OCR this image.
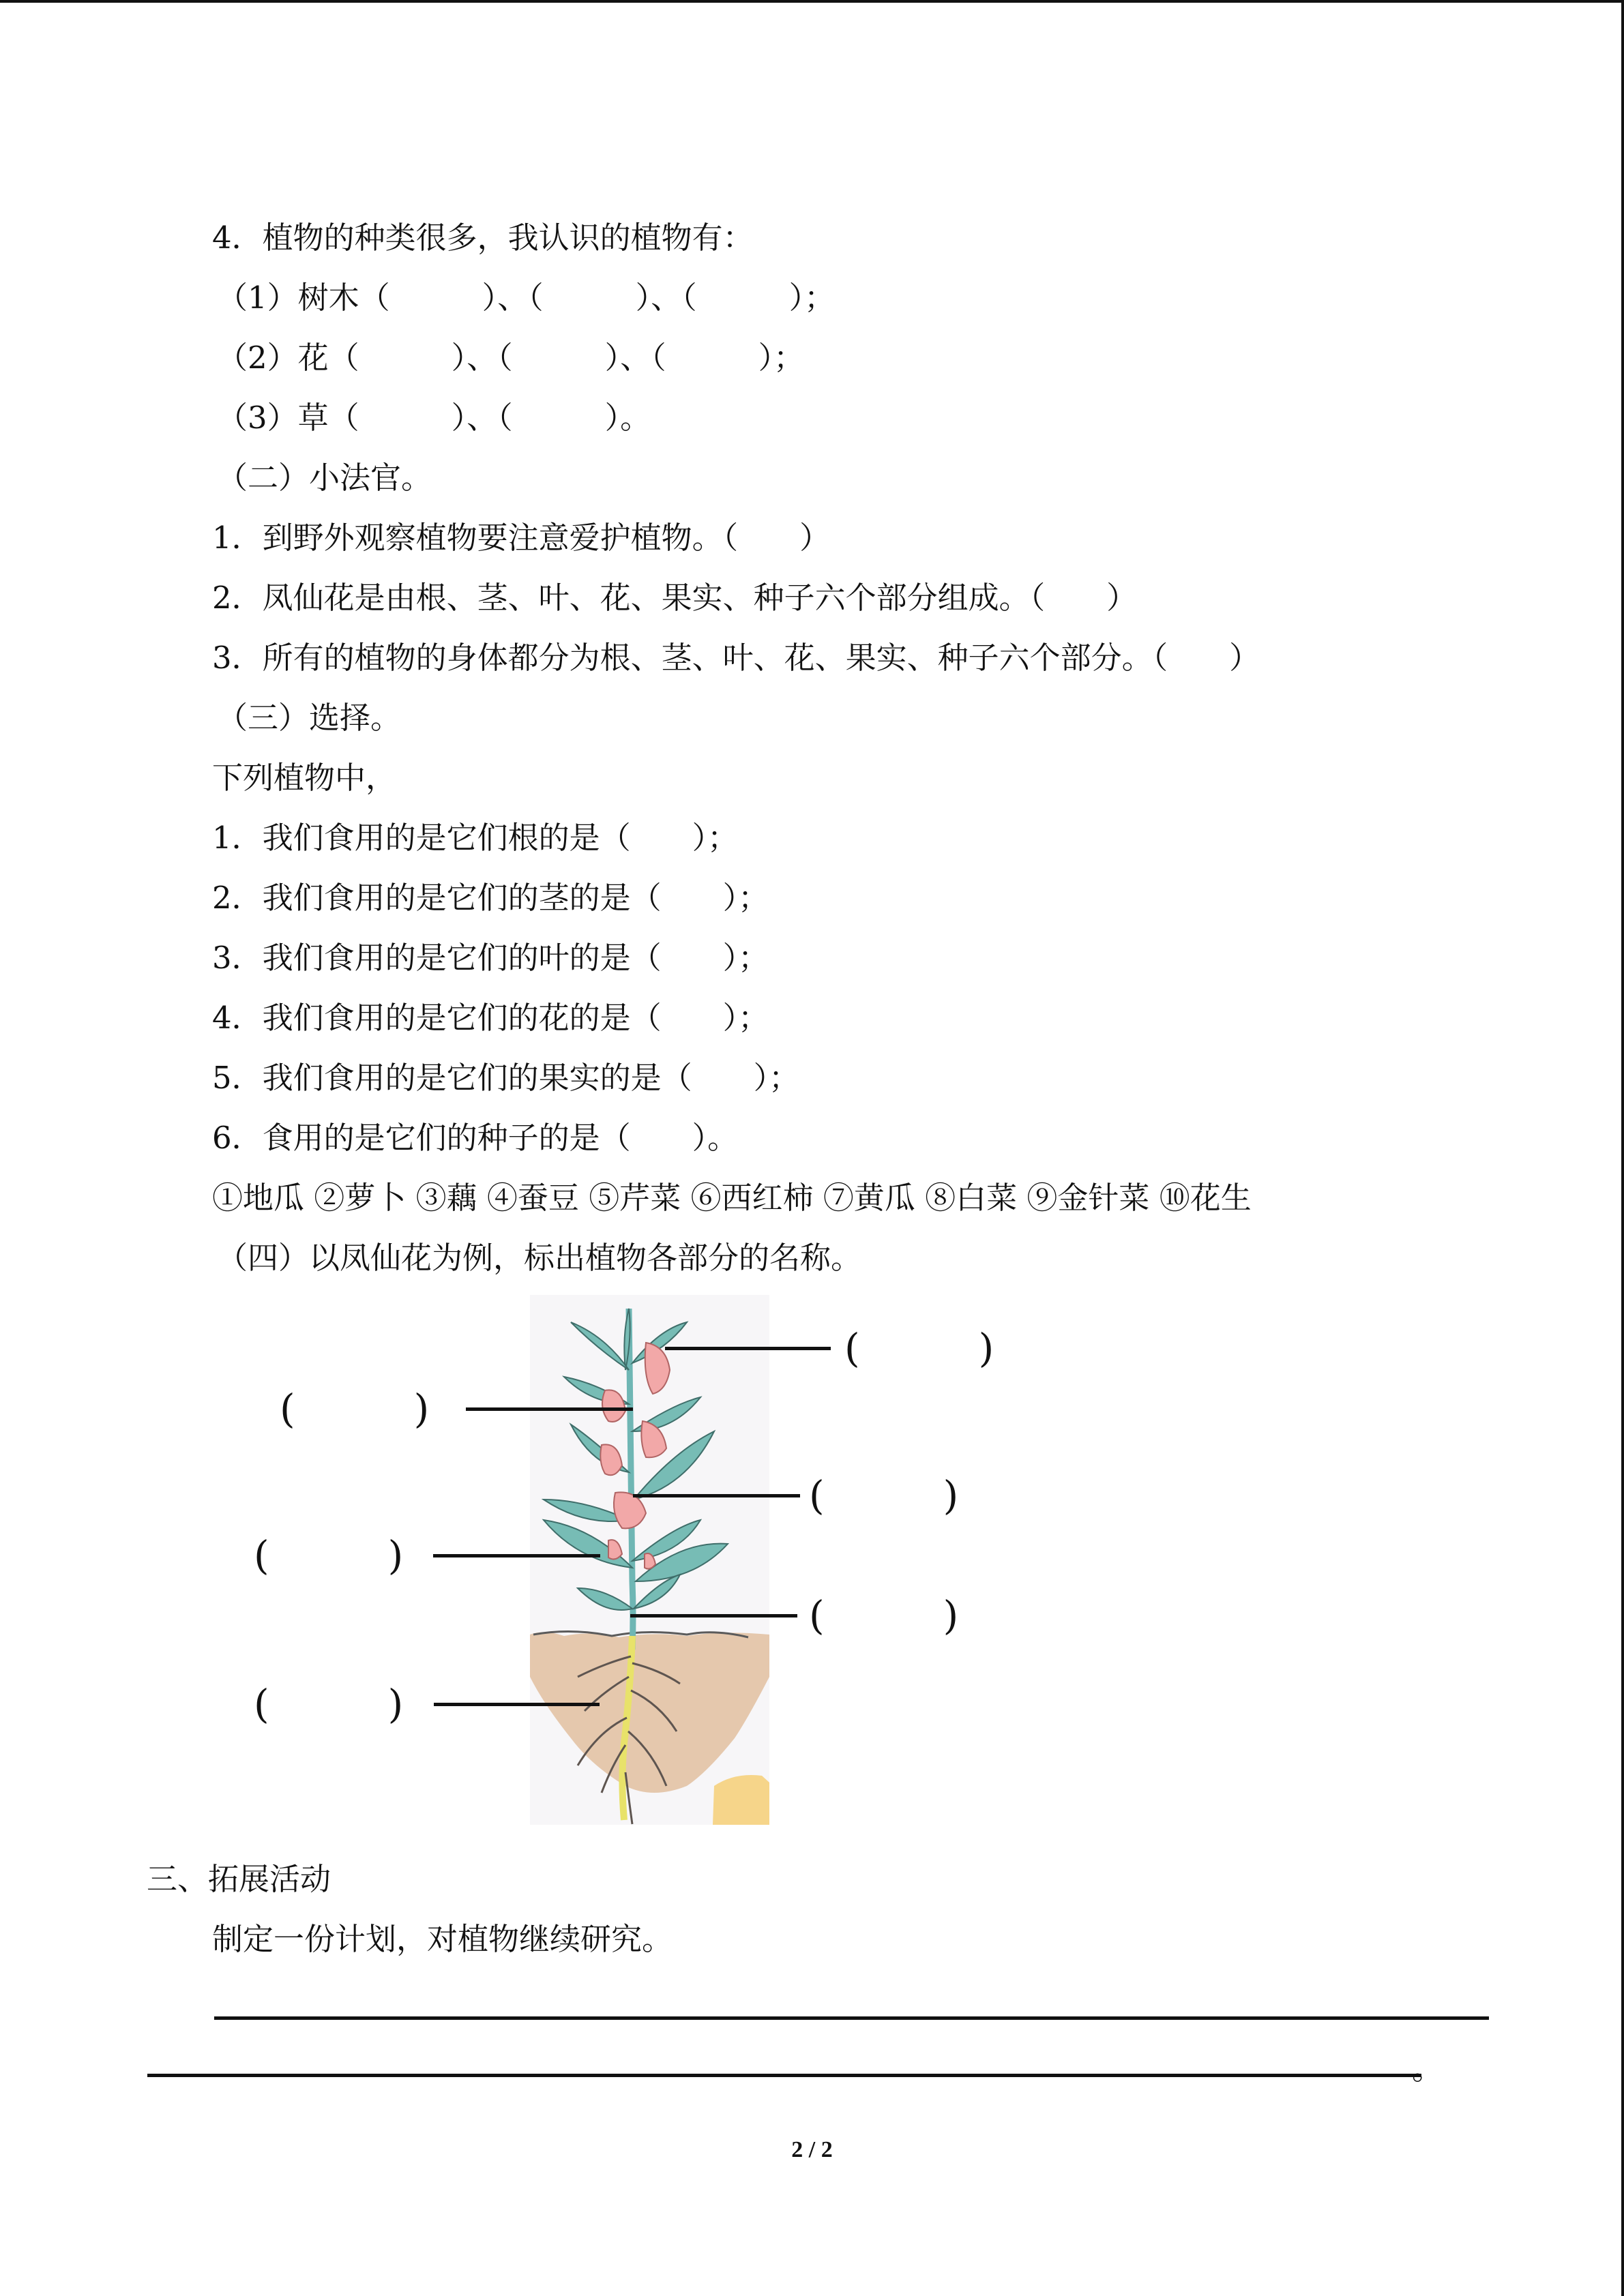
4．植物的种类很多，我认识的植物有：
（1）树木（　　　）、（　　　）、（　　　）；
（2）花（　　　）、（　　　）、（　　　）；
（3）草（　　　）、（　　　）。
（二）小法官。
1．到野外观察植物要注意爱护植物。（　　）
2．凤仙花是由根、茎、叶、花、果实、种子六个部分组成。（　　）
3．所有的植物的身体都分为根、茎、叶、花、果实、种子六个部分。（　　）
（三）选择。
下列植物中，
1．我们食用的是它们根的是（　　）；
2．我们食用的是它们的茎的是（　　）；
3．我们食用的是它们的叶的是（　　）；
4．我们食用的是它们的花的是（　　）；
5．我们食用的是它们的果实的是（　　）；
6．食用的是它们的种子的是（　　）。
①地瓜 ②萝卜 ③藕 ④蚕豆 ⑤芹菜 ⑥西红柿 ⑦黄瓜 ⑧白菜 ⑨金针菜 ⑩花生
（四）以凤仙花为例，标出植物各部分的名称。
(　　　)
(　　　)
(　　　)
(　　　)
(　　　)
(　　　)
三、拓展活动
制定一份计划，对植物继续研究。
。
2 / 2
